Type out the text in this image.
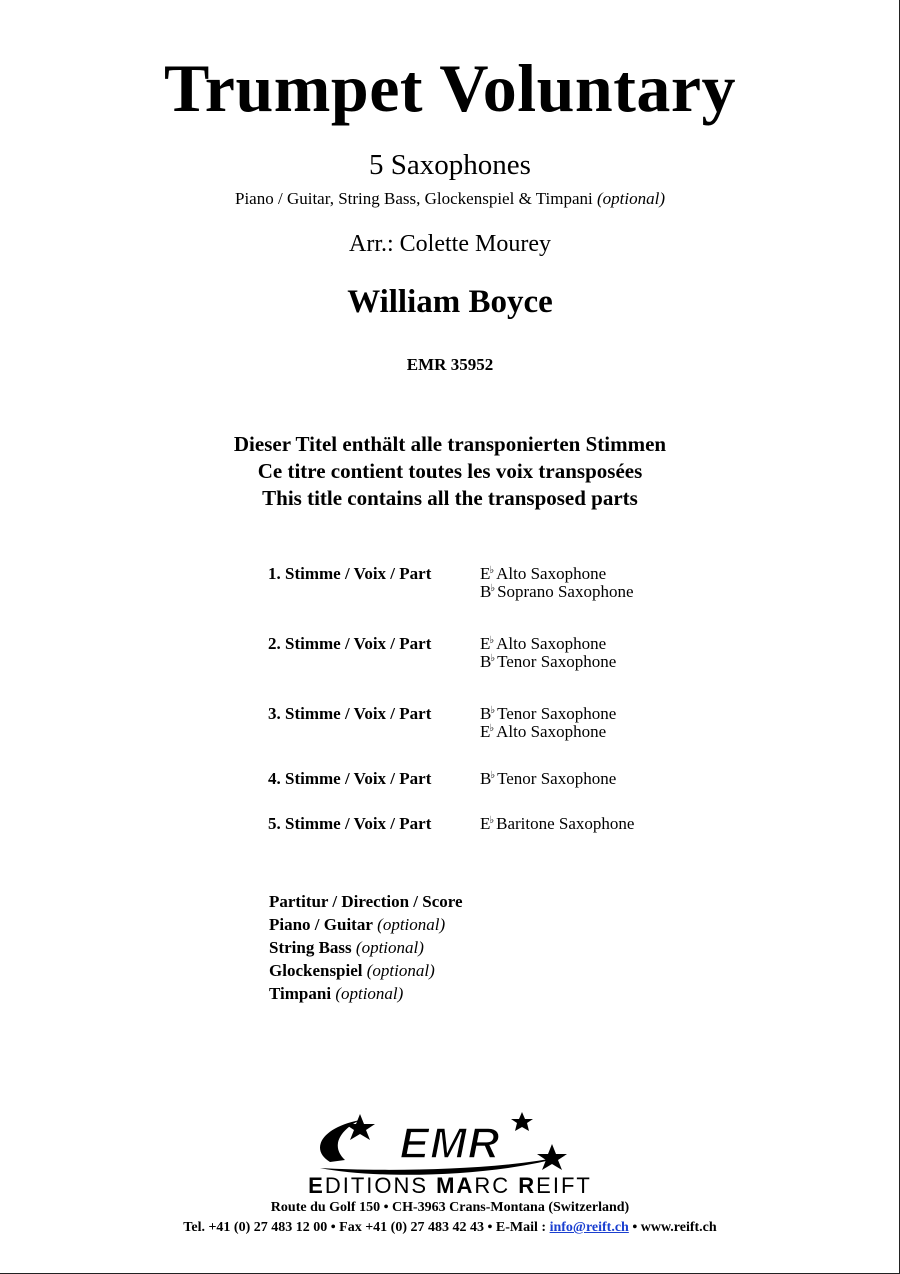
Trumpet Voluntary
5 Saxophones
Piano / Guitar, String Bass, Glockenspiel & Timpani (optional)
Arr.: Colette Mourey
William Boyce
EMR 35952
Dieser Titel enthält alle transponierten Stimmen
Ce titre contient toutes les voix transposées
This title contains all the transposed parts
1. Stimme / Voix / Part	E♭ Alto Saxophone
B♭ Soprano Saxophone
2. Stimme / Voix / Part	E♭ Alto Saxophone
B♭ Tenor Saxophone
3. Stimme / Voix / Part	B♭ Tenor Saxophone
E♭ Alto Saxophone
4. Stimme / Voix / Part	B♭ Tenor Saxophone
5. Stimme / Voix / Part	E♭ Baritone Saxophone
Partitur / Direction / Score
Piano / Guitar (optional)
String Bass (optional)
Glockenspiel (optional)
Timpani (optional)
EMR
EDITIONS MARC REIFT
Route du Golf 150 • CH-3963 Crans-Montana (Switzerland)
Tel. +41 (0) 27 483 12 00 • Fax +41 (0) 27 483 42 43 • E-Mail : info@reift.ch • www.reift.ch
